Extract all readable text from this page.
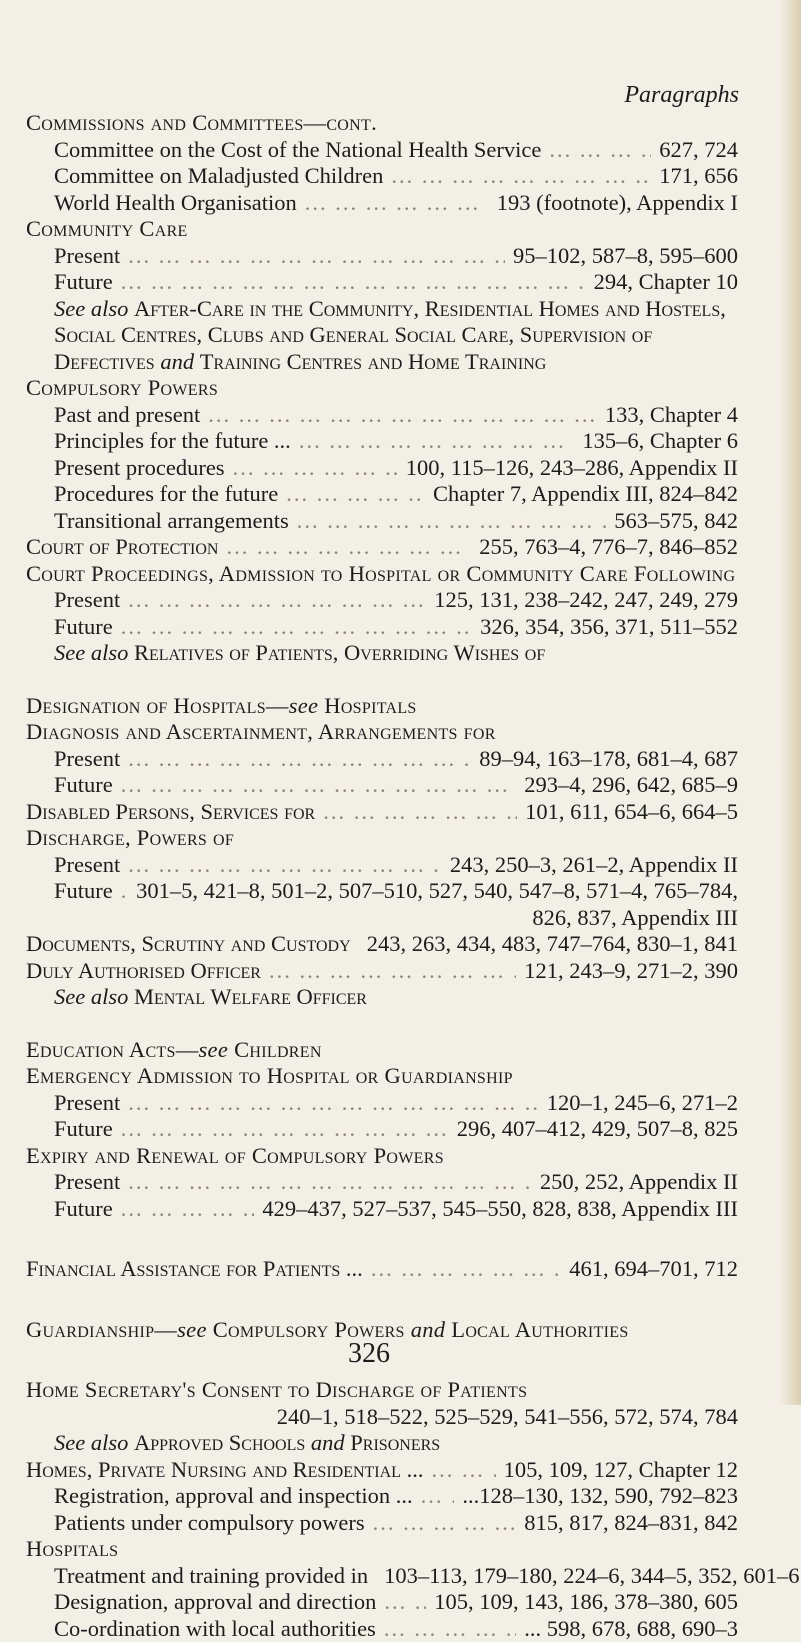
Paragraphs
Commissions and Committees—cont.
Committee on the Cost of the National Health Service ... .	627, 724
Committee on Maladjusted Children ... .	171, 656
World Health Organisation ... .	193 (footnote), Appendix I
Community Care
Present ... .	95–102, 587–8, 595–600
Future ... .	294, Chapter 10
See also After-Care in the Community, Residential Homes and Hostels, Social Centres, Clubs and General Social Care, Supervision of Defectives and Training Centres and Home Training
Compulsory Powers
Past and present ... .	133, Chapter 4
Principles for the future ... ... .	135–6, Chapter 6
Present procedures ... .	100, 115–126, 243–286, Appendix II
Procedures for the future ... .	Chapter 7, Appendix III, 824–842
Transitional arrangements ... .	563–575, 842
Court of Protection ... .	255, 763–4, 776–7, 846–852
Court Proceedings, Admission to Hospital or Community Care Following
Present ... .	125, 131, 238–242, 247, 249, 279
Future ... .	326, 354, 356, 371, 511–552
See also Relatives of Patients, Overriding Wishes of
Designation of Hospitals—see Hospitals
Diagnosis and Ascertainment, Arrangements for
Present ... .	89–94, 163–178, 681–4, 687
Future ... .	293–4, 296, 642, 685–9
Disabled Persons, Services for ... .	101, 611, 654–6, 664–5
Discharge, Powers of
Present ... .	243, 250–3, 261–2, Appendix II
Future ... . 301–5, 421–8, 501–2, 507–510, 527, 540, 547–8, 571–4, 765–784,
826, 837, Appendix III
Documents, Scrutiny and Custody ... . 243, 263, 434, 483, 747–764, 830–1, 841
Duly Authorised Officer ... .	121, 243–9, 271–2, 390
See also Mental Welfare Officer
Education Acts—see Children
Emergency Admission to Hospital or Guardianship
Present ... .	120–1, 245–6, 271–2
Future ... .	296, 407–412, 429, 507–8, 825
Expiry and Renewal of Compulsory Powers
Present ... .	250, 252, Appendix II
Future ... .	429–437, 527–537, 545–550, 828, 838, Appendix III
Financial Assistance for Patients ... ... .	461, 694–701, 712
Guardianship—see Compulsory Powers and Local Authorities
Home Secretary's Consent to Discharge of Patients
240–1, 518–522, 525–529, 541–556, 572, 574, 784
See also Approved Schools and Prisoners
Homes, Private Nursing and Residential ... ... .	105, 109, 127, Chapter 12
Registration, approval and inspection ... ... . ...128–130, 132, 590, 792–823
Patients under compulsory powers ... .	815, 817, 824–831, 842
Hospitals
Treatment and training provided in 103–113, 179–180, 224–6, 344–5, 352, 601–6
Designation, approval and direction ... .	105, 109, 143, 186, 378–380, 605
Co-ordination with local authorities ... .	... 598, 678, 688, 690–3
326
